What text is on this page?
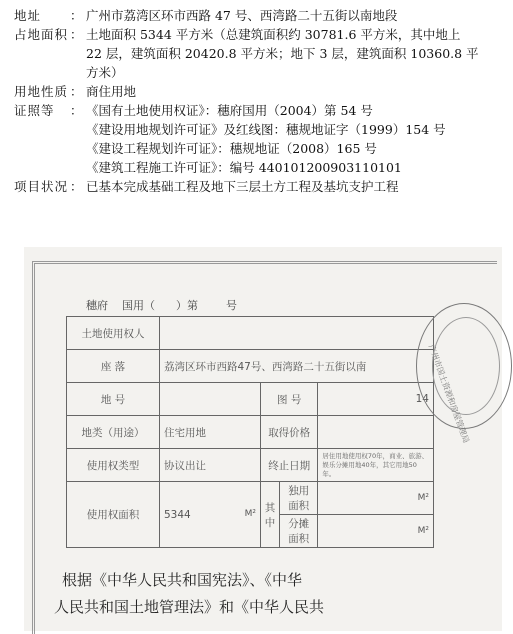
地址	： 广州市荔湾区环市西路 47 号、西湾路二十五街以南地段
占地面积 ： 土地面积 5344 平方米（总建筑面积约 30781.6 平方米，其中地上
22 层，建筑面积 20420.8 平方米；地下 3 层，建筑面积 10360.8 平
方米）
用地性质 ： 商住用地
证照等	： 《国有土地使用权证》：穗府国用（2004）第 54 号
《建设用地规划许可证》及红线图：穗规地证字（1999）154 号
《建设工程规划许可证》：穗规地证（2008）165 号
《建筑工程施工许可证》：编号 440101200903110101
项目状况 ： 已基本完成基础工程及地下三层土方工程及基坑支护工程
穗府    国用（      ）第        号
土地使用权人				
座 落	荔湾区环市西路47号、西湾路二十五街以南			
地 号		图 号		14
地类（用途）	住宅用地	取得价格		
使用权类型	协议出让	终止日期		居住用地使用权70年，商业、旅游、娱乐分摊用地40年，其它用地50年。
使用权面积	5344 M²	其中	独用面积	M²

			分摊面积	M²
广州市国土资源和房屋管理局
根据《中华人民共和国宪法》、《中华
人民共和国土地管理法》和《中华人民共
